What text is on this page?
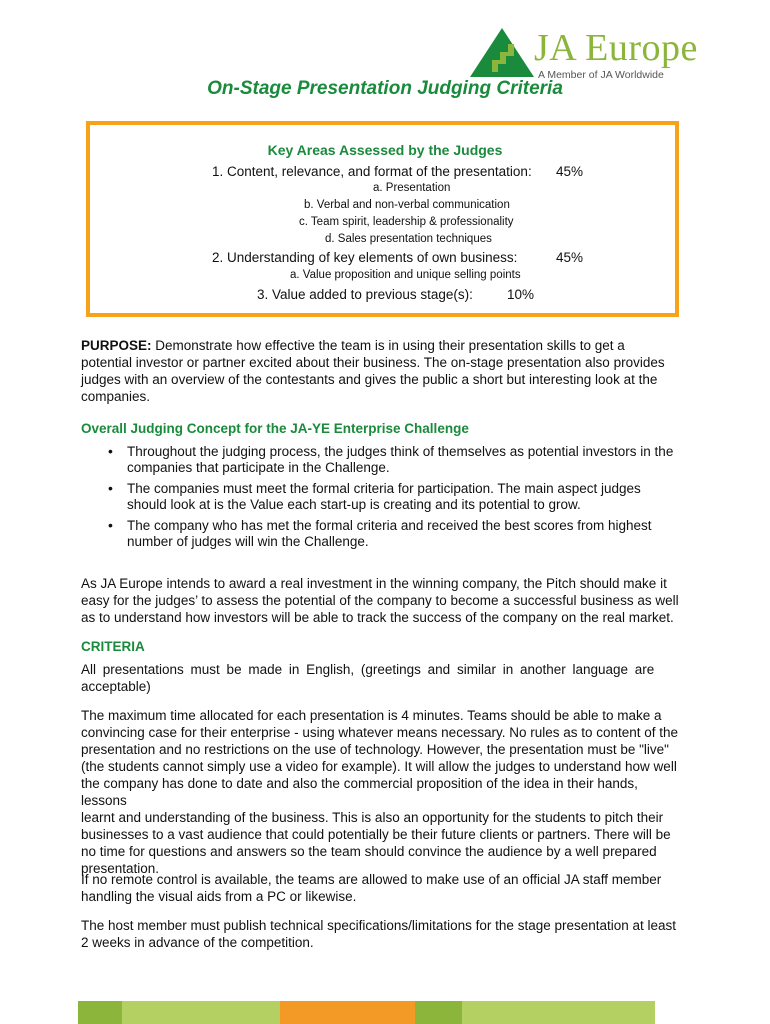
JA Europe
A Member of JA Worldwide
On-Stage Presentation Judging Criteria
Key Areas Assessed by the Judges
1. Content, relevance, and format of the presentation: 45%
a. Presentation
b. Verbal and non-verbal communication
c. Team spirit, leadership & professionality
d. Sales presentation techniques
2. Understanding of key elements of own business:	45%
a. Value proposition and unique selling points
3. Value added to previous stage(s):	10%
PURPOSE: Demonstrate how effective the team is in using their presentation skills to get a
potential investor or partner excited about their business. The on-stage presentation also provides
judges with an overview of the contestants and gives the public a short but interesting look at the
companies.
Overall Judging Concept for the JA-YE Enterprise Challenge
• Throughout the judging process, the judges think of themselves as potential investors in the
companies that participate in the Challenge.
• The companies must meet the formal criteria for participation. The main aspect judges
should look at is the Value each start-up is creating and its potential to grow.
• The company who has met the formal criteria and received the best scores from highest
number of judges will win the Challenge.
As JA Europe intends to award a real investment in the winning company, the Pitch should make it
easy for the judges’ to assess the potential of the company to become a successful business as well
as to understand how investors will be able to track the success of the company on the real market.
CRITERIA
All presentations must be made in English, (greetings and similar in another language are
acceptable)
The maximum time allocated for each presentation is 4 minutes. Teams should be able to make a
convincing case for their enterprise - using whatever means necessary. No rules as to content of the
presentation and no restrictions on the use of technology. However, the presentation must be "live"
(the students cannot simply use a video for example). It will allow the judges to understand how well
the company has done to date and also the commercial proposition of the idea in their hands, lessons
learnt and understanding of the business. This is also an opportunity for the students to pitch their
businesses to a vast audience that could potentially be their future clients or partners. There will be
no time for questions and answers so the team should convince the audience by a well prepared
presentation.
If no remote control is available, the teams are allowed to make use of an official JA staff member
handling the visual aids from a PC or likewise.
The host member must publish technical specifications/limitations for the stage presentation at least
2 weeks in advance of the competition.
